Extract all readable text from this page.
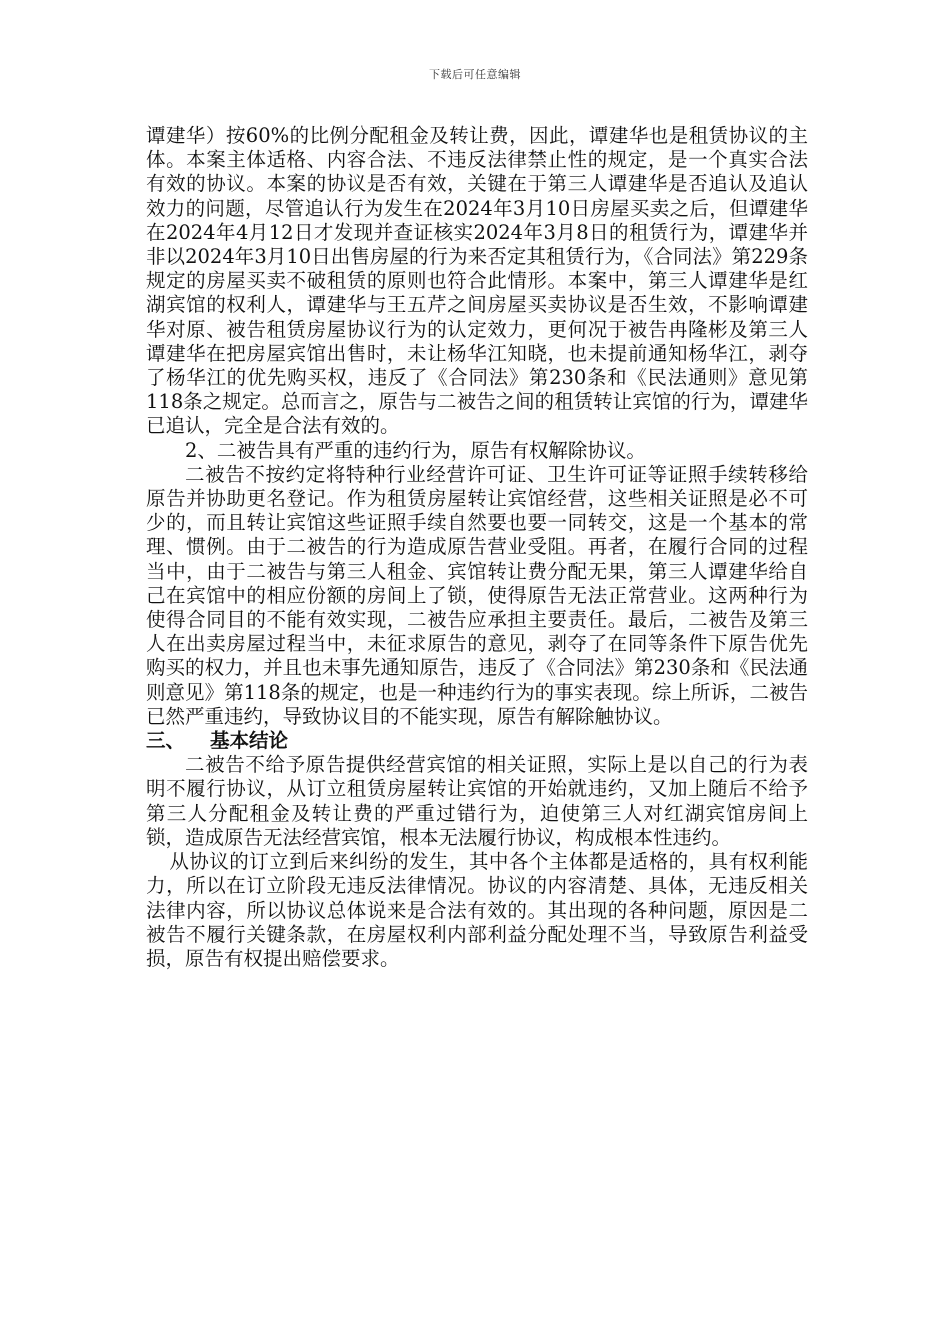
下载后可任意编辑

谭建华）按60%的比例分配租金及转让费，因此，谭建华也是租赁协议的主体。本案主体适格、内容合法、不违反法律禁止性的规定，是一个真实合法有效的协议。本案的协议是否有效，关键在于第三人谭建华是否追认及追认效力的问题，尽管追认行为发生在2024年3月10日房屋买卖之后，但谭建华在2024年4月12日才发现并查证核实2024年3月8日的租赁行为，谭建华并非以2024年3月10日出售房屋的行为来否定其租赁行为，《合同法》第229条规定的房屋买卖不破租赁的原则也符合此情形。本案中，第三人谭建华是红湖宾馆的权利人，谭建华与王五芹之间房屋买卖协议是否生效，不影响谭建华对原、被告租赁房屋协议行为的认定效力，更何况于被告冉隆彬及第三人谭建华在把房屋宾馆出售时，未让杨华江知晓，也未提前通知杨华江，剥夺了杨华江的优先购买权，违反了《合同法》第230条和《民法通则》意见第118条之规定。总而言之，原告与二被告之间的租赁转让宾馆的行为，谭建华已追认，完全是合法有效的。

2、二被告具有严重的违约行为，原告有权解除协议。

二被告不按约定将特种行业经营许可证、卫生许可证等证照手续转移给原告并协助更名登记。作为租赁房屋转让宾馆经营，这些相关证照是必不可少的，而且转让宾馆这些证照手续自然要也要一同转交，这是一个基本的常理、惯例。由于二被告的行为造成原告营业受阻。再者，在履行合同的过程当中，由于二被告与第三人租金、宾馆转让费分配无果，第三人谭建华给自己在宾馆中的相应份额的房间上了锁，使得原告无法正常营业。这两种行为使得合同目的不能有效实现，二被告应承担主要责任。最后，二被告及第三人在出卖房屋过程当中，未征求原告的意见，剥夺了在同等条件下原告优先购买的权力，并且也未事先通知原告，违反了《合同法》第230条和《民法通则意见》第118条的规定，也是一种违约行为的事实表现。综上所诉，二被告已然严重违约，导致协议目的不能实现，原告有解除触协议。

三、 基本结论

二被告不给予原告提供经营宾馆的相关证照，实际上是以自己的行为表明不履行协议，从订立租赁房屋转让宾馆的开始就违约，又加上随后不给予第三人分配租金及转让费的严重过错行为，迫使第三人对红湖宾馆房间上锁，造成原告无法经营宾馆，根本无法履行协议，构成根本性违约。

从协议的订立到后来纠纷的发生，其中各个主体都是适格的，具有权利能力，所以在订立阶段无违反法律情况。协议的内容清楚、具体，无违反相关法律内容，所以协议总体说来是合法有效的。其出现的各种问题，原因是二被告不履行关键条款，在房屋权利内部利益分配处理不当，导致原告利益受损，原告有权提出赔偿要求。
